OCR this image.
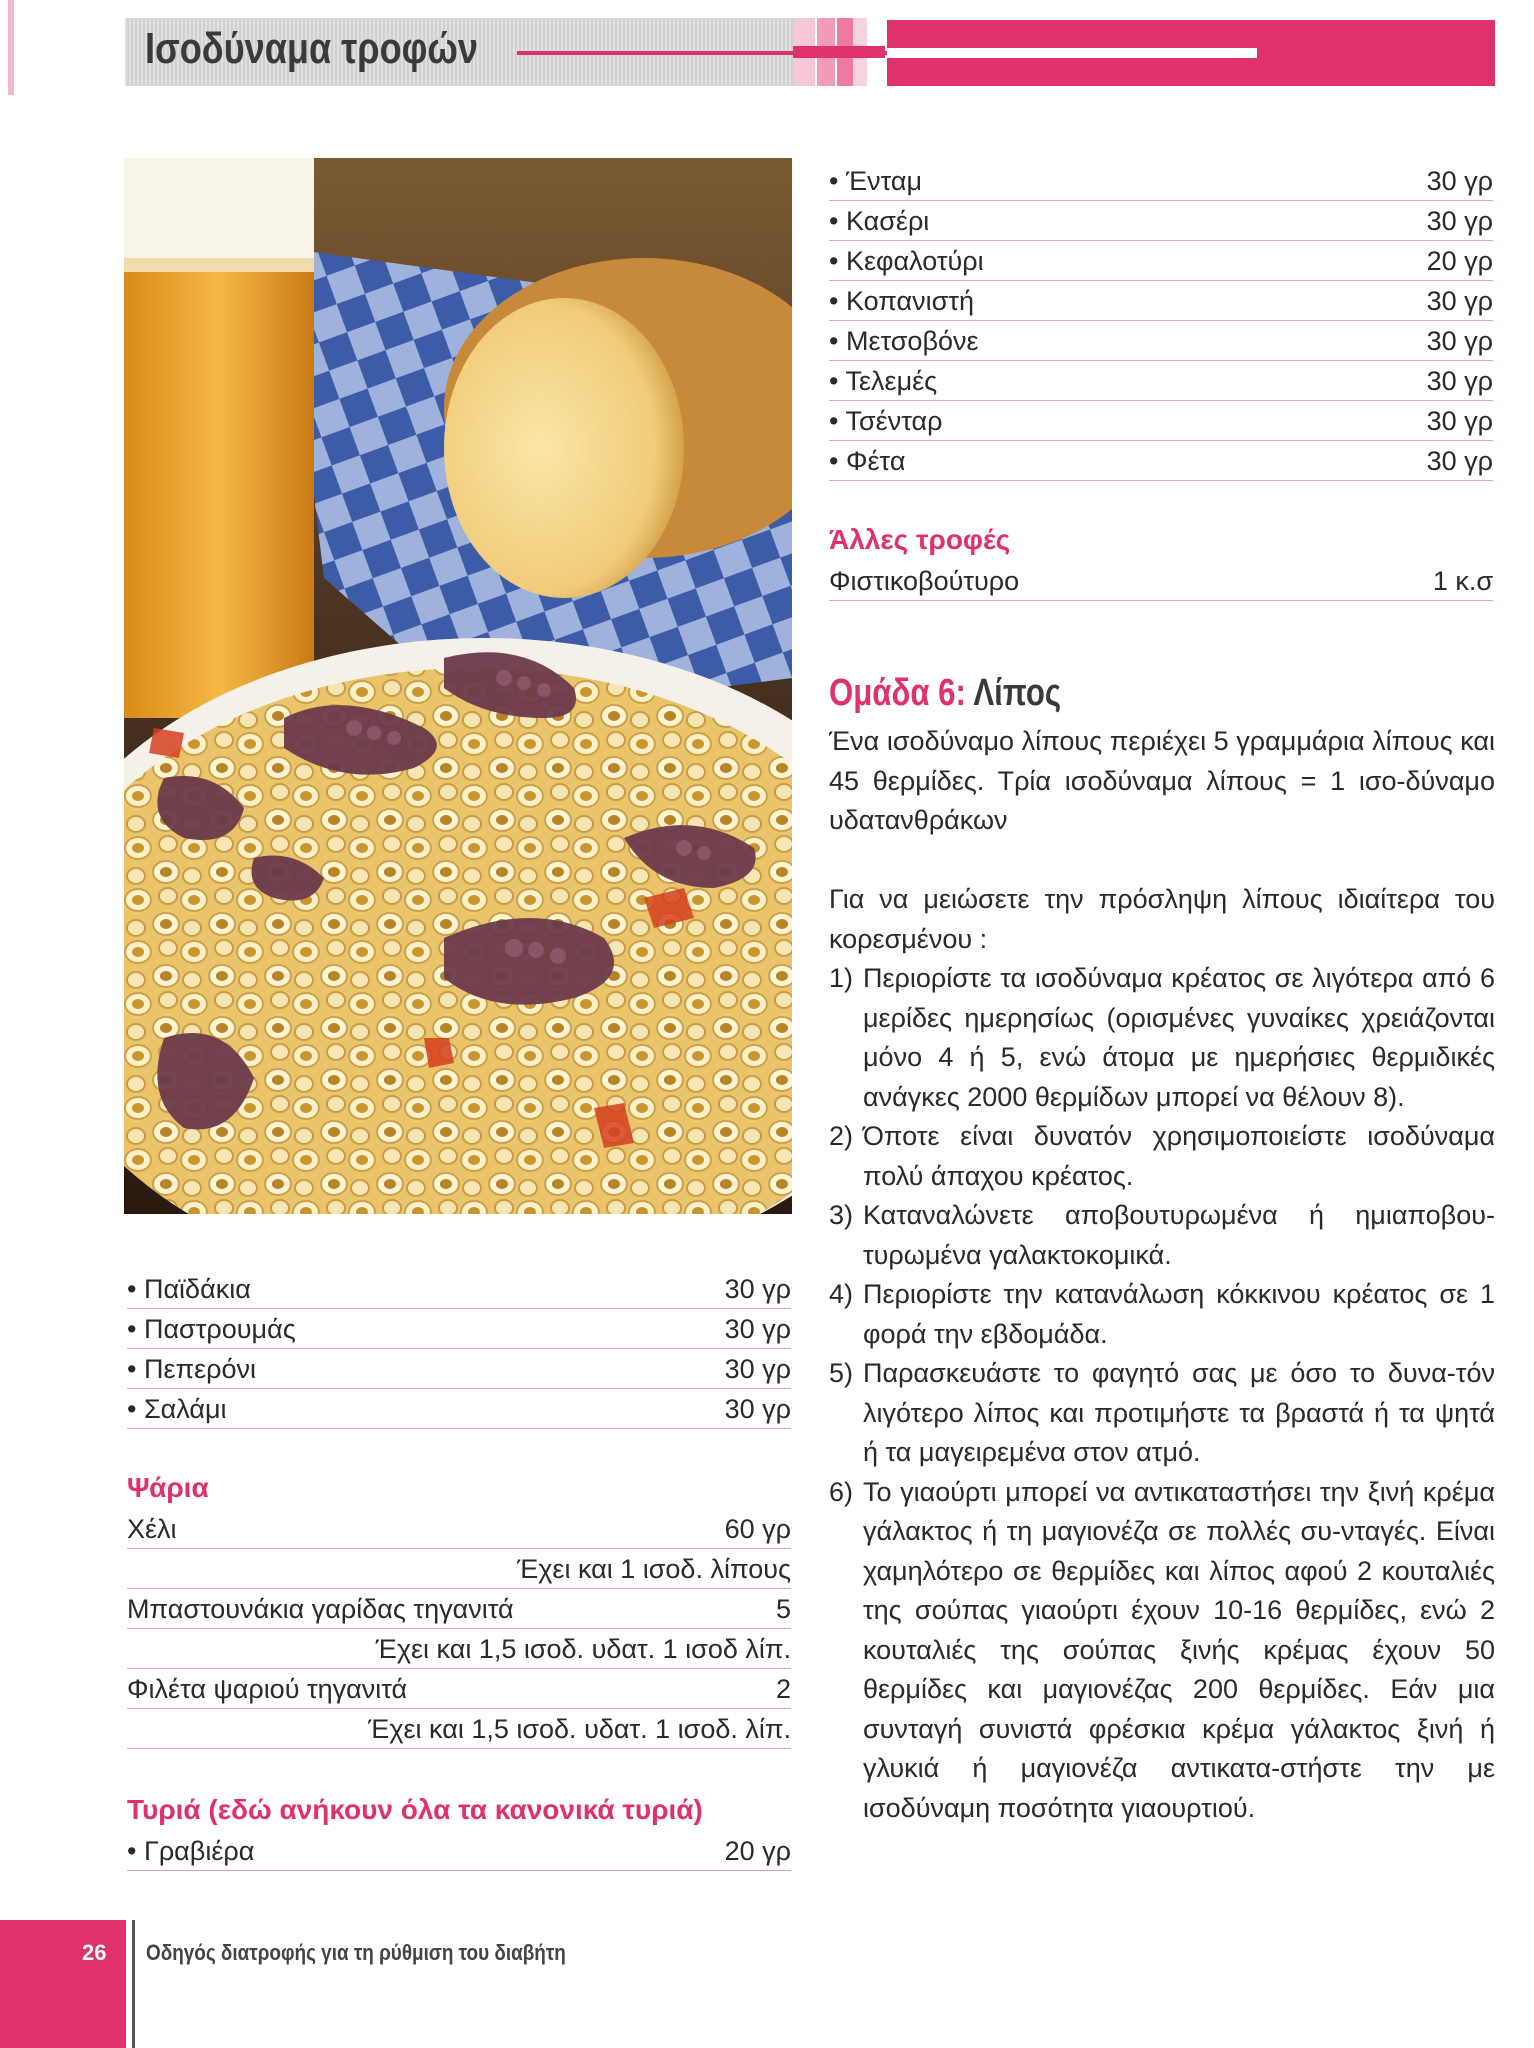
Ισοδύναμα τροφών
• Παϊδάκια	30 γρ
• Παστρουμάς	30 γρ
• Πεπερόνι	30 γρ
• Σαλάμι	30 γρ
Ψάρια
Χέλι	60 γρ
Έχει και 1 ισοδ. λίπους
Μπαστουνάκια γαρίδας τηγανιτά	5
Έχει και 1,5 ισοδ. υδατ. 1 ισοδ λίπ.
Φιλέτα ψαριού τηγανιτά	2
Έχει και 1,5 ισοδ. υδατ. 1 ισοδ. λίπ.
Τυριά (εδώ ανήκουν όλα τα κανονικά τυριά)
• Γραβιέρα	20 γρ
• Ένταμ	30 γρ
• Κασέρι	30 γρ
• Κεφαλοτύρι	20 γρ
• Κοπανιστή	30 γρ
• Μετσοβόνε	30 γρ
• Τελεμές	30 γρ
• Τσένταρ	30 γρ
• Φέτα	30 γρ
Άλλες τροφές
Φιστικοβούτυρο	1 κ.σ
Ομάδα 6: Λίπος
Ένα ισοδύναμο λίπους περιέχει 5 γραμμάρια λίπους και 45 θερμίδες. Τρία ισοδύναμα λίπους = 1 ισο-δύναμο υδατανθράκων
Για να μειώσετε την πρόσληψη λίπους ιδιαίτερα του κορεσμένου :
1) Περιορίστε τα ισοδύναμα κρέατος σε λιγότερα από 6 μερίδες ημερησίως (ορισμένες γυναίκες χρειάζονται μόνο 4 ή 5, ενώ άτομα με ημερήσιες θερμιδικές ανάγκες 2000 θερμίδων μπορεί να θέλουν 8).
2) Όποτε είναι δυνατόν χρησιμοποιείστε ισοδύναμα πολύ άπαχου κρέατος.
3) Καταναλώνετε αποβουτυρωμένα ή ημιαποβου-τυρωμένα γαλακτοκομικά.
4) Περιορίστε την κατανάλωση κόκκινου κρέατος σε 1 φορά την εβδομάδα.
5) Παρασκευάστε το φαγητό σας με όσο το δυνα-τόν λιγότερο λίπος και προτιμήστε τα βραστά ή τα ψητά ή τα μαγειρεμένα στον ατμό.
6) Το γιαούρτι μπορεί να αντικαταστήσει την ξινή κρέμα γάλακτος ή τη μαγιονέζα σε πολλές συ-νταγές. Είναι χαμηλότερο σε θερμίδες και λίπος αφού 2 κουταλιές της σούπας γιαούρτι έχουν 10-16 θερμίδες, ενώ 2 κουταλιές της σούπας ξινής κρέμας έχουν 50 θερμίδες και μαγιονέζας 200 θερμίδες. Εάν μια συνταγή συνιστά φρέσκια κρέμα γάλακτος ξινή ή γλυκιά ή μαγιονέζα αντικατα-στήστε την με ισοδύναμη ποσότητα γιαουρτιού.
26 Οδηγός διατροφής για τη ρύθμιση του διαβήτη
